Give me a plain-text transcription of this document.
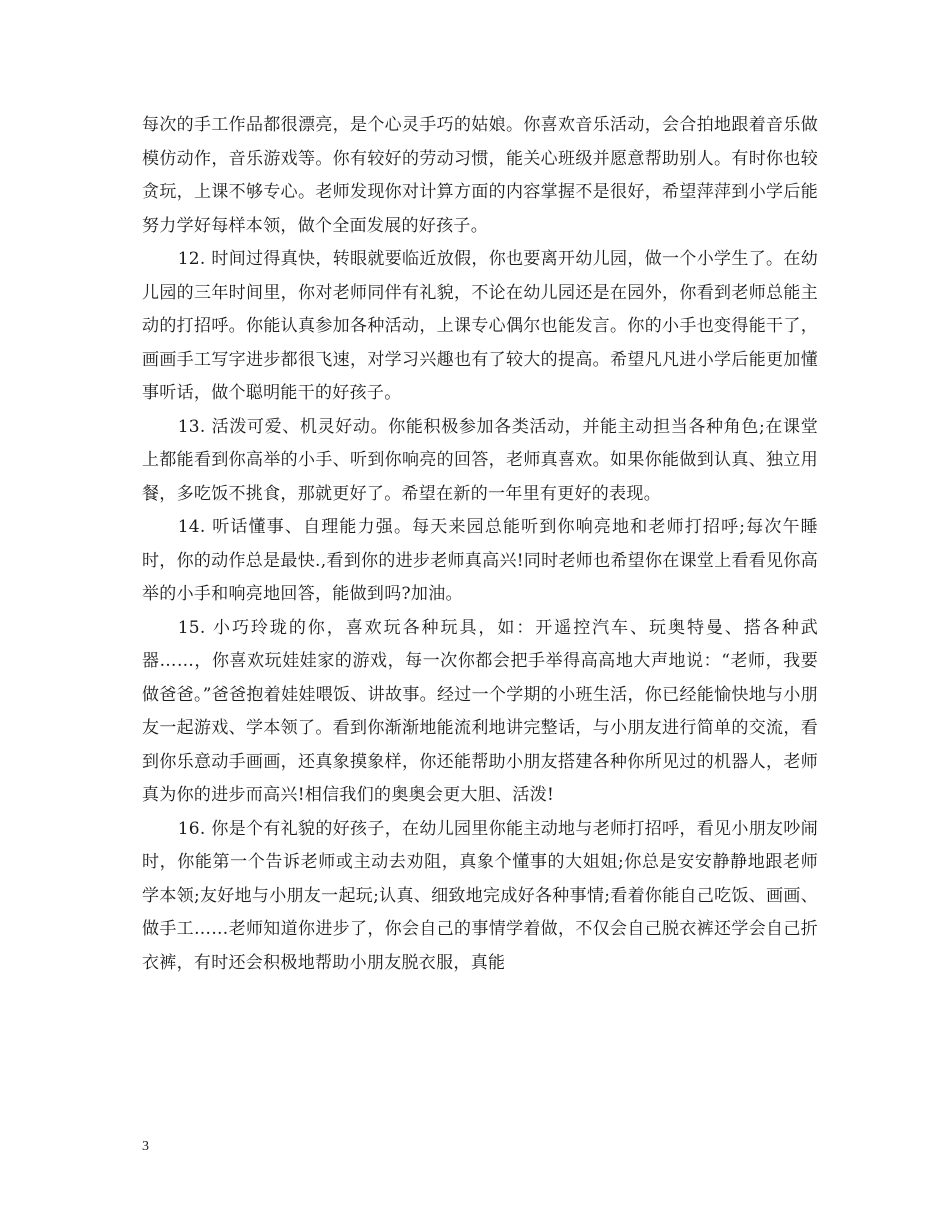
每次的手工作品都很漂亮，是个心灵手巧的姑娘。你喜欢音乐活动，会合拍地跟着音乐做模仿动作，音乐游戏等。你有较好的劳动习惯，能关心班级并愿意帮助别人。有时你也较贪玩，上课不够专心。老师发现你对计算方面的内容掌握不是很好，希望萍萍到小学后能努力学好每样本领，做个全面发展的好孩子。

12. 时间过得真快，转眼就要临近放假，你也要离开幼儿园，做一个小学生了。在幼儿园的三年时间里，你对老师同伴有礼貌，不论在幼儿园还是在园外，你看到老师总能主动的打招呼。你能认真参加各种活动，上课专心偶尔也能发言。你的小手也变得能干了，画画手工写字进步都很飞速，对学习兴趣也有了较大的提高。希望凡凡进小学后能更加懂事听话，做个聪明能干的好孩子。

13. 活泼可爱、机灵好动。你能积极参加各类活动，并能主动担当各种角色;在课堂上都能看到你高举的小手、听到你响亮的回答，老师真喜欢。如果你能做到认真、独立用餐，多吃饭不挑食，那就更好了。希望在新的一年里有更好的表现。

14. 听话懂事、自理能力强。每天来园总能听到你响亮地和老师打招呼;每次午睡时，你的动作总是最快.,看到你的进步老师真高兴!同时老师也希望你在课堂上看看见你高举的小手和响亮地回答，能做到吗?加油。

15. 小巧玲珑的你，喜欢玩各种玩具，如：开遥控汽车、玩奥特曼、搭各种武器……，你喜欢玩娃娃家的游戏，每一次你都会把手举得高高地大声地说：“老师，我要做爸爸。”爸爸抱着娃娃喂饭、讲故事。经过一个学期的小班生活，你已经能愉快地与小朋友一起游戏、学本领了。看到你渐渐地能流利地讲完整话，与小朋友进行简单的交流，看到你乐意动手画画，还真象摸象样，你还能帮助小朋友搭建各种你所见过的机器人，老师真为你的进步而高兴!相信我们的奥奥会更大胆、活泼!

16. 你是个有礼貌的好孩子，在幼儿园里你能主动地与老师打招呼，看见小朋友吵闹时，你能第一个告诉老师或主动去劝阻，真象个懂事的大姐姐;你总是安安静静地跟老师学本领;友好地与小朋友一起玩;认真、细致地完成好各种事情;看着你能自己吃饭、画画、做手工……老师知道你进步了，你会自己的事情学着做，不仅会自己脱衣裤还学会自己折衣裤，有时还会积极地帮助小朋友脱衣服，真能

3
